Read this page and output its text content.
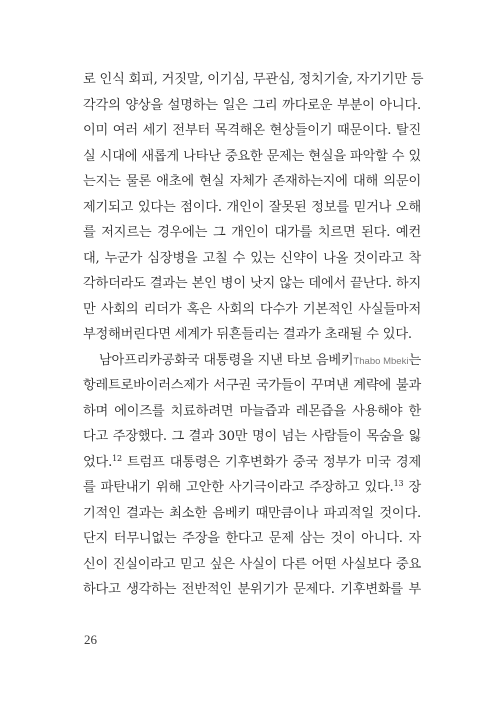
로 인식 회피, 거짓말, 이기심, 무관심, 정치기술, 자기기만 등
각각의 양상을 설명하는 일은 그리 까다로운 부분이 아니다.
이미 여러 세기 전부터 목격해온 현상들이기 때문이다. 탈진
실 시대에 새롭게 나타난 중요한 문제는 현실을 파악할 수 있
는지는 물론 애초에 현실 자체가 존재하는지에 대해 의문이
제기되고 있다는 점이다. 개인이 잘못된 정보를 믿거나 오해
를 저지르는 경우에는 그 개인이 대가를 치르면 된다. 예컨
대, 누군가 심장병을 고칠 수 있는 신약이 나올 것이라고 착
각하더라도 결과는 본인 병이 낫지 않는 데에서 끝난다. 하지
만 사회의 리더가 혹은 사회의 다수가 기본적인 사실들마저
부정해버린다면 세계가 뒤흔들리는 결과가 초래될 수 있다.
남아프리카공화국 대통령을 지낸 타보 음베키Thabo Mbeki는
항레트로바이러스제가 서구권 국가들이 꾸며낸 계략에 불과
하며 에이즈를 치료하려면 마늘즙과 레몬즙을 사용해야 한
다고 주장했다. 그 결과 30만 명이 넘는 사람들이 목숨을 잃
었다.$^{12}$ 트럼프 대통령은 기후변화가 중국 정부가 미국 경제
를 파탄내기 위해 고안한 사기극이라고 주장하고 있다.$^{13}$ 장
기적인 결과는 최소한 음베키 때만큼이나 파괴적일 것이다.
단지 터무니없는 주장을 한다고 문제 삼는 것이 아니다. 자
신이 진실이라고 믿고 싶은 사실이 다른 어떤 사실보다 중요
하다고 생각하는 전반적인 분위기가 문제다. 기후변화를 부
26
